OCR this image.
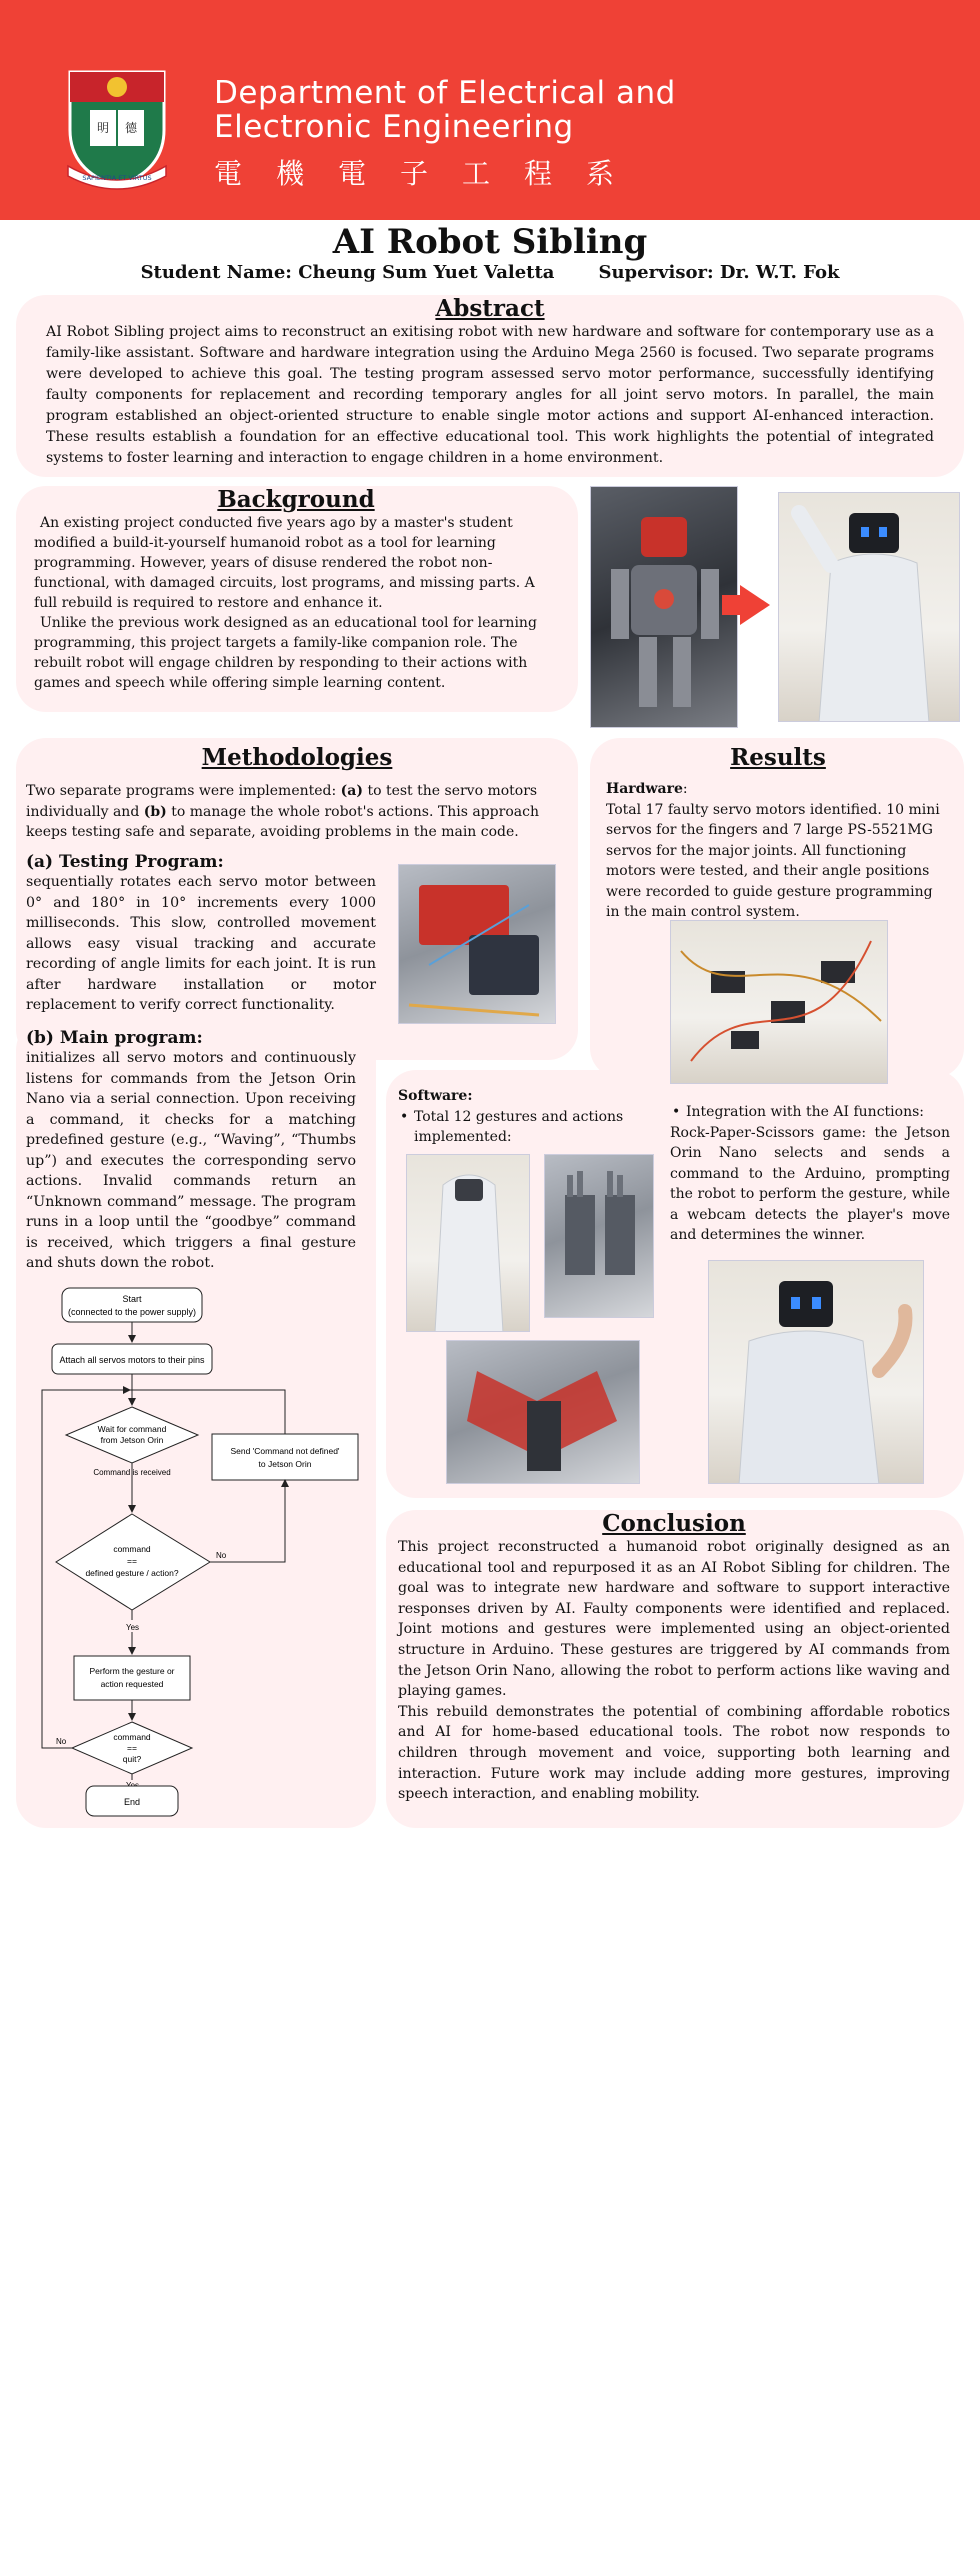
明 德
SAPIENTIA ET VIRTUS
Department of Electrical and
Electronic Engineering
電機電子工程系
AI Robot Sibling
Student Name: Cheung Sum Yuet Valetta Supervisor: Dr. W.T. Fok
Abstract
AI Robot Sibling project aims to reconstruct an exitising robot with new hardware and software for contemporary use as a family-like assistant. Software and hardware integration using the Arduino Mega 2560 is focused. Two separate programs were developed to achieve this goal. The testing program assessed servo motor performance, successfully identifying faulty components for replacement and recording temporary angles for all joint servo motors. In parallel, the main program established an object-oriented structure to enable single motor actions and support AI-enhanced interaction. These results establish a foundation for an effective educational tool. This work highlights the potential of integrated systems to foster learning and interaction to engage children in a home environment.
Background
An existing project conducted five years ago by a master's student modified a build-it-yourself humanoid robot as a tool for learning programming. However, years of disuse rendered the robot non-functional, with damaged circuits, lost programs, and missing parts. A full rebuild is required to restore and enhance it.
Unlike the previous work designed as an educational tool for learning programming, this project targets a family-like companion role. The rebuilt robot will engage children by responding to their actions with games and speech while offering simple learning content.
Methodologies
Two separate programs were implemented: (a) to test the servo motors individually and (b) to manage the whole robot's actions. This approach keeps testing safe and separate, avoiding problems in the main code.
(a) Testing Program:
sequentially rotates each servo motor between 0° and 180° in 10° increments every 1000 milliseconds. This slow, controlled movement allows easy visual tracking and accurate recording of angle limits for each joint. It is run after hardware installation or motor replacement to verify correct functionality.
(b) Main program:
initializes all servo motors and continuously listens for commands from the Jetson Orin Nano via a serial connection. Upon receiving a command, it checks for a matching predefined gesture (e.g., “Waving”, “Thumbs up”) and executes the corresponding servo actions. Invalid commands return an “Unknown command” message. The program runs in a loop until the “goodbye” command is received, which triggers a final gesture and shuts down the robot.
Start
(connected to the power supply)
Attach all servos motors to their pins
Wait for command
from Jetson Orin
Command is received
command
==
defined gesture / action?
Send 'Command not defined'
to Jetson Orin
No
Yes
Perform the gesture or
action requested
command
==
quit?
No
End
Results
Hardware:
Total 17 faulty servo motors identified. 10 mini servos for the fingers and 7 large PS-5521MG servos for the major joints. All functioning motors were tested, and their angle positions were recorded to guide gesture programming in the main control system.
Software:
• Total 12 gestures and actions implemented:
• Integration with the AI functions:
Rock-Paper-Scissors game: the Jetson Orin Nano selects and sends a command to the Arduino, prompting the robot to perform the gesture, while a webcam detects the player's move and determines the winner.
Conclusion
This project reconstructed a humanoid robot originally designed as an educational tool and repurposed it as an AI Robot Sibling for children. The goal was to integrate new hardware and software to support interactive responses driven by AI. Faulty components were identified and replaced. Joint motions and gestures were implemented using an object-oriented structure in Arduino. These gestures are triggered by AI commands from the Jetson Orin Nano, allowing the robot to perform actions like waving and playing games.
This rebuild demonstrates the potential of combining affordable robotics and AI for home-based educational tools. The robot now responds to children through movement and voice, supporting both learning and interaction. Future work may include adding more gestures, improving speech interaction, and enabling mobility.
